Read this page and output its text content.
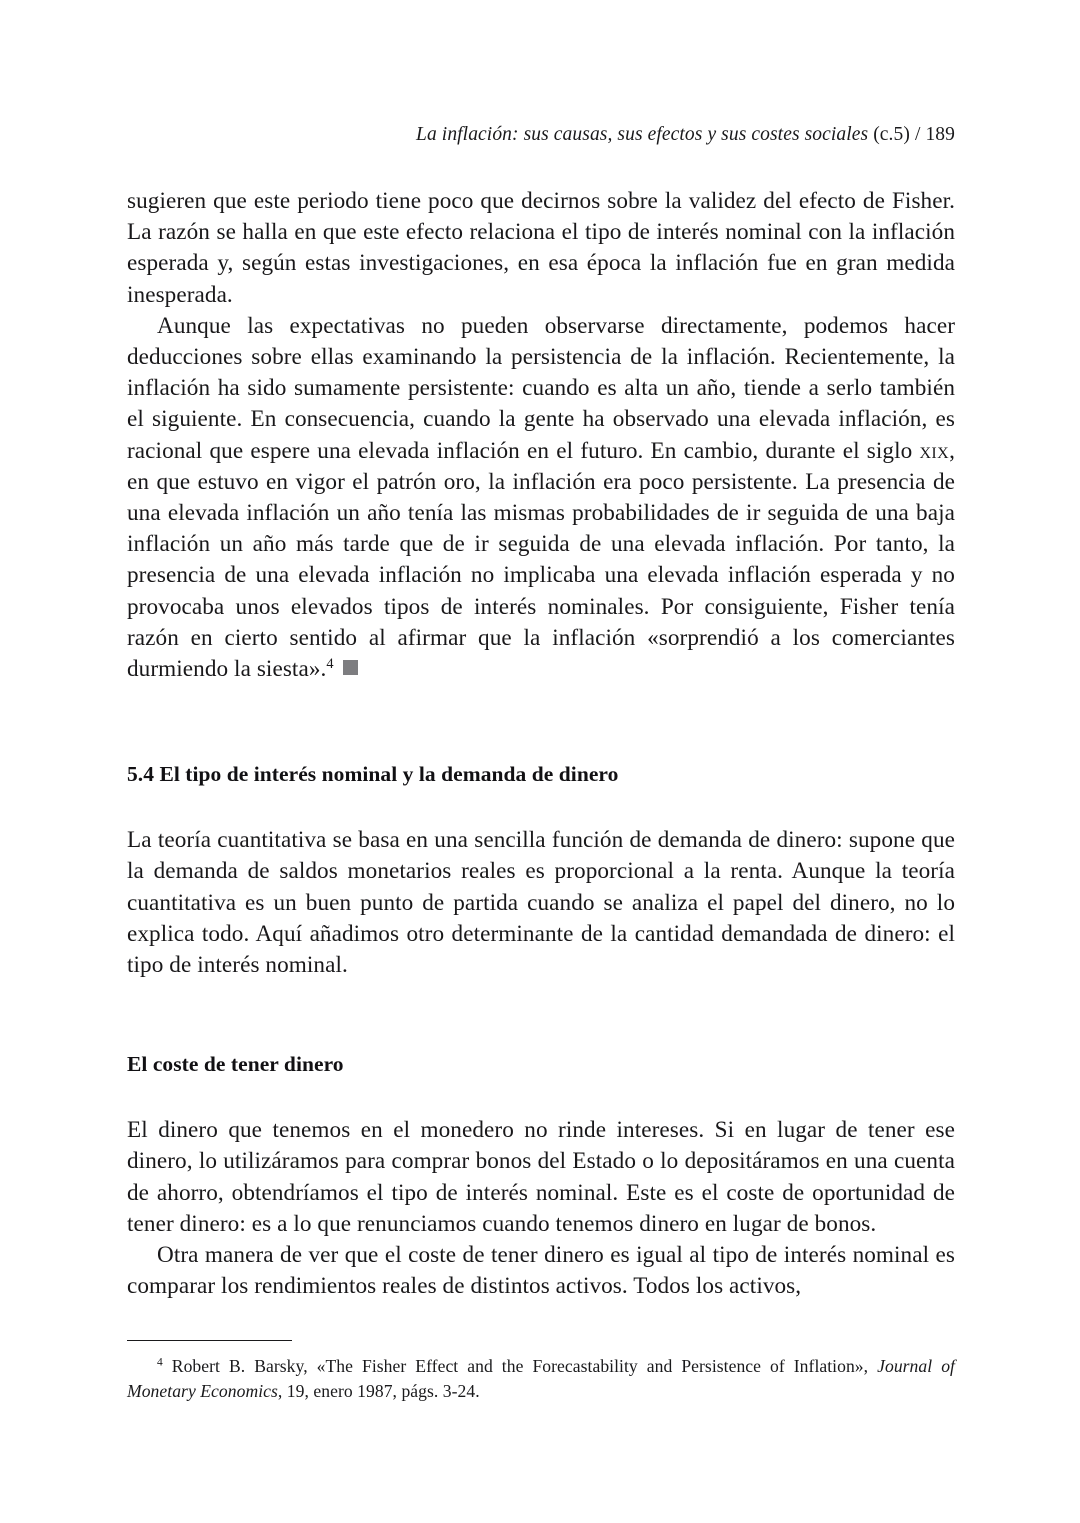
La inflación: sus causas, sus efectos y sus costes sociales (c.5) / 189

sugieren que este periodo tiene poco que decirnos sobre la validez del efecto de Fisher. La razón se halla en que este efecto relaciona el tipo de interés nominal con la inflación esperada y, según estas investigaciones, en esa época la inflación fue en gran medida inesperada.

Aunque las expectativas no pueden observarse directamente, podemos hacer deducciones sobre ellas examinando la persistencia de la inflación. Recientemente, la inflación ha sido sumamente persistente: cuando es alta un año, tiende a serlo también el siguiente. En consecuencia, cuando la gente ha observado una elevada inflación, es racional que espere una elevada inflación en el futuro. En cambio, durante el siglo xix, en que estuvo en vigor el patrón oro, la inflación era poco persistente. La presencia de una elevada inflación un año tenía las mismas probabilidades de ir seguida de una baja inflación un año más tarde que de ir seguida de una elevada inflación. Por tanto, la presencia de una elevada inflación no implicaba una elevada inflación esperada y no provocaba unos elevados tipos de interés nominales. Por consiguiente, Fisher tenía razón en cierto sentido al afirmar que la inflación «sorprendió a los comerciantes durmiendo la siesta».$^4$

5.4 El tipo de interés nominal y la demanda de dinero

La teoría cuantitativa se basa en una sencilla función de demanda de dinero: supone que la demanda de saldos monetarios reales es proporcional a la renta. Aunque la teoría cuantitativa es un buen punto de partida cuando se analiza el papel del dinero, no lo explica todo. Aquí añadimos otro determinante de la cantidad demandada de dinero: el tipo de interés nominal.

El coste de tener dinero

El dinero que tenemos en el monedero no rinde intereses. Si en lugar de tener ese dinero, lo utilizáramos para comprar bonos del Estado o lo depositáramos en una cuenta de ahorro, obtendríamos el tipo de interés nominal. Este es el coste de oportunidad de tener dinero: es a lo que renunciamos cuando tenemos dinero en lugar de bonos.

Otra manera de ver que el coste de tener dinero es igual al tipo de interés nominal es comparar los rendimientos reales de distintos activos. Todos los activos,

$^4$ Robert B. Barsky, «The Fisher Effect and the Forecastability and Persistence of Inflation», Journal of Monetary Economics, 19, enero 1987, págs. 3-24.
